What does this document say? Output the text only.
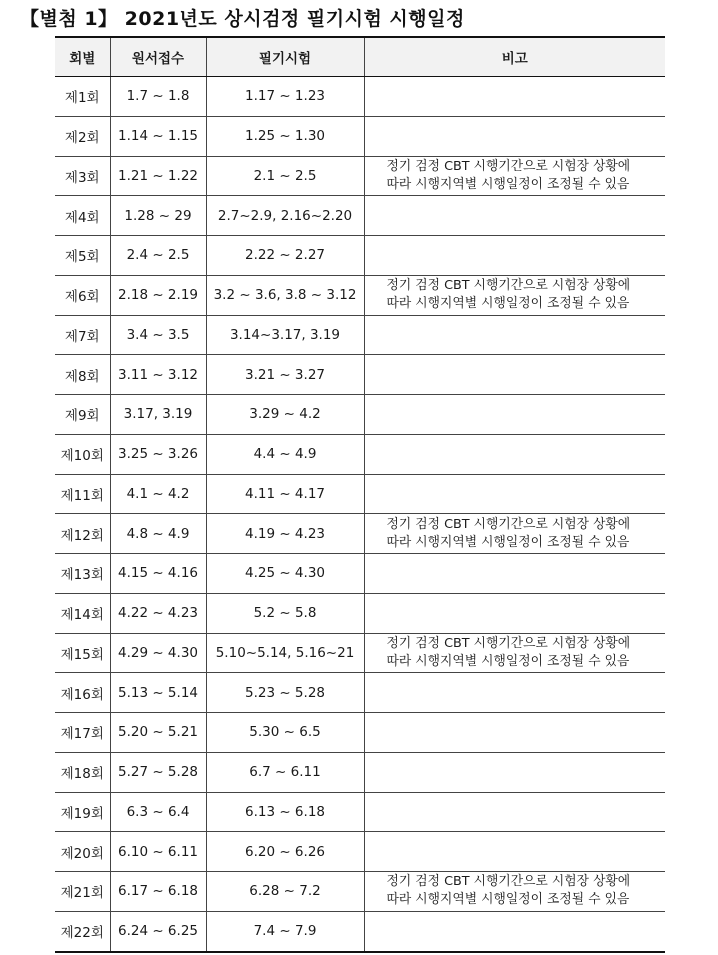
【별첨 1】 2021년도 상시검정 필기시험 시행일정
회별	원서접수	필기시험	비고
제1회	1.7 ~ 1.8	1.17 ~ 1.23	

제2회	1.14 ~ 1.15	1.25 ~ 1.30	

제3회	1.21 ~ 1.22	2.1 ~ 2.5	정기 검정 CBT 시행기간으로 시험장 상황에
따라 시행지역별 시행일정이 조정될 수 있음

제4회	1.28 ~ 29	2.7~2.9, 2.16~2.20	

제5회	2.4 ~ 2.5	2.22 ~ 2.27	

제6회	2.18 ~ 2.19	3.2 ~ 3.6, 3.8 ~ 3.12	정기 검정 CBT 시행기간으로 시험장 상황에
따라 시행지역별 시행일정이 조정될 수 있음

제7회	3.4 ~ 3.5	3.14~3.17, 3.19	

제8회	3.11 ~ 3.12	3.21 ~ 3.27	

제9회	3.17, 3.19	3.29 ~ 4.2	

제10회	3.25 ~ 3.26	4.4 ~ 4.9	

제11회	4.1 ~ 4.2	4.11 ~ 4.17	

제12회	4.8 ~ 4.9	4.19 ~ 4.23	정기 검정 CBT 시행기간으로 시험장 상황에
따라 시행지역별 시행일정이 조정될 수 있음

제13회	4.15 ~ 4.16	4.25 ~ 4.30	

제14회	4.22 ~ 4.23	5.2 ~ 5.8	

제15회	4.29 ~ 4.30	5.10~5.14, 5.16~21	정기 검정 CBT 시행기간으로 시험장 상황에
따라 시행지역별 시행일정이 조정될 수 있음

제16회	5.13 ~ 5.14	5.23 ~ 5.28	

제17회	5.20 ~ 5.21	5.30 ~ 6.5	

제18회	5.27 ~ 5.28	6.7 ~ 6.11	

제19회	6.3 ~ 6.4	6.13 ~ 6.18	

제20회	6.10 ~ 6.11	6.20 ~ 6.26	

제21회	6.17 ~ 6.18	6.28 ~ 7.2	정기 검정 CBT 시행기간으로 시험장 상황에
따라 시행지역별 시행일정이 조정될 수 있음

제22회	6.24 ~ 6.25	7.4 ~ 7.9	
